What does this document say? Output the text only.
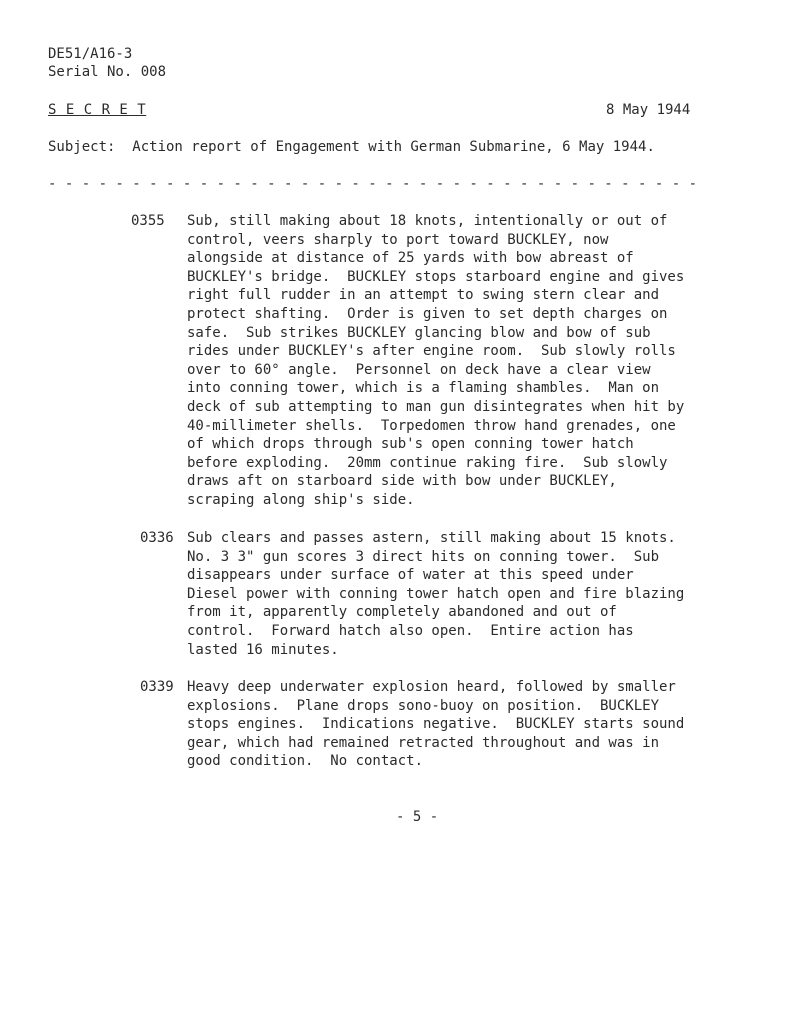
DE51/A16-3
Serial No. 008
S E C R E T	8 May 1944
Subject:  Action report of Engagement with German Submarine, 6 May 1944.
- - - - - - - - - - - - - - - - - - - - - - - - - - - - - - - - - - - - - - -
0355 Sub, still making about 18 knots, intentionally or out of
control, veers sharply to port toward BUCKLEY, now
alongside at distance of 25 yards with bow abreast of
BUCKLEY's bridge.  BUCKLEY stops starboard engine and gives
right full rudder in an attempt to swing stern clear and
protect shafting.  Order is given to set depth charges on
safe.  Sub strikes BUCKLEY glancing blow and bow of sub
rides under BUCKLEY's after engine room.  Sub slowly rolls
over to 60° angle.  Personnel on deck have a clear view
into conning tower, which is a flaming shambles.  Man on
deck of sub attempting to man gun disintegrates when hit by
40-millimeter shells.  Torpedomen throw hand grenades, one
of which drops through sub's open conning tower hatch
before exploding.  20mm continue raking fire.  Sub slowly
draws aft on starboard side with bow under BUCKLEY,
scraping along ship's side.
0336 Sub clears and passes astern, still making about 15 knots.
No. 3 3" gun scores 3 direct hits on conning tower.  Sub
disappears under surface of water at this speed under
Diesel power with conning tower hatch open and fire blazing
from it, apparently completely abandoned and out of
control.  Forward hatch also open.  Entire action has
lasted 16 minutes.
0339 Heavy deep underwater explosion heard, followed by smaller
explosions.  Plane drops sono-buoy on position.  BUCKLEY
stops engines.  Indications negative.  BUCKLEY starts sound
gear, which had remained retracted throughout and was in
good condition.  No contact.
- 5 -
